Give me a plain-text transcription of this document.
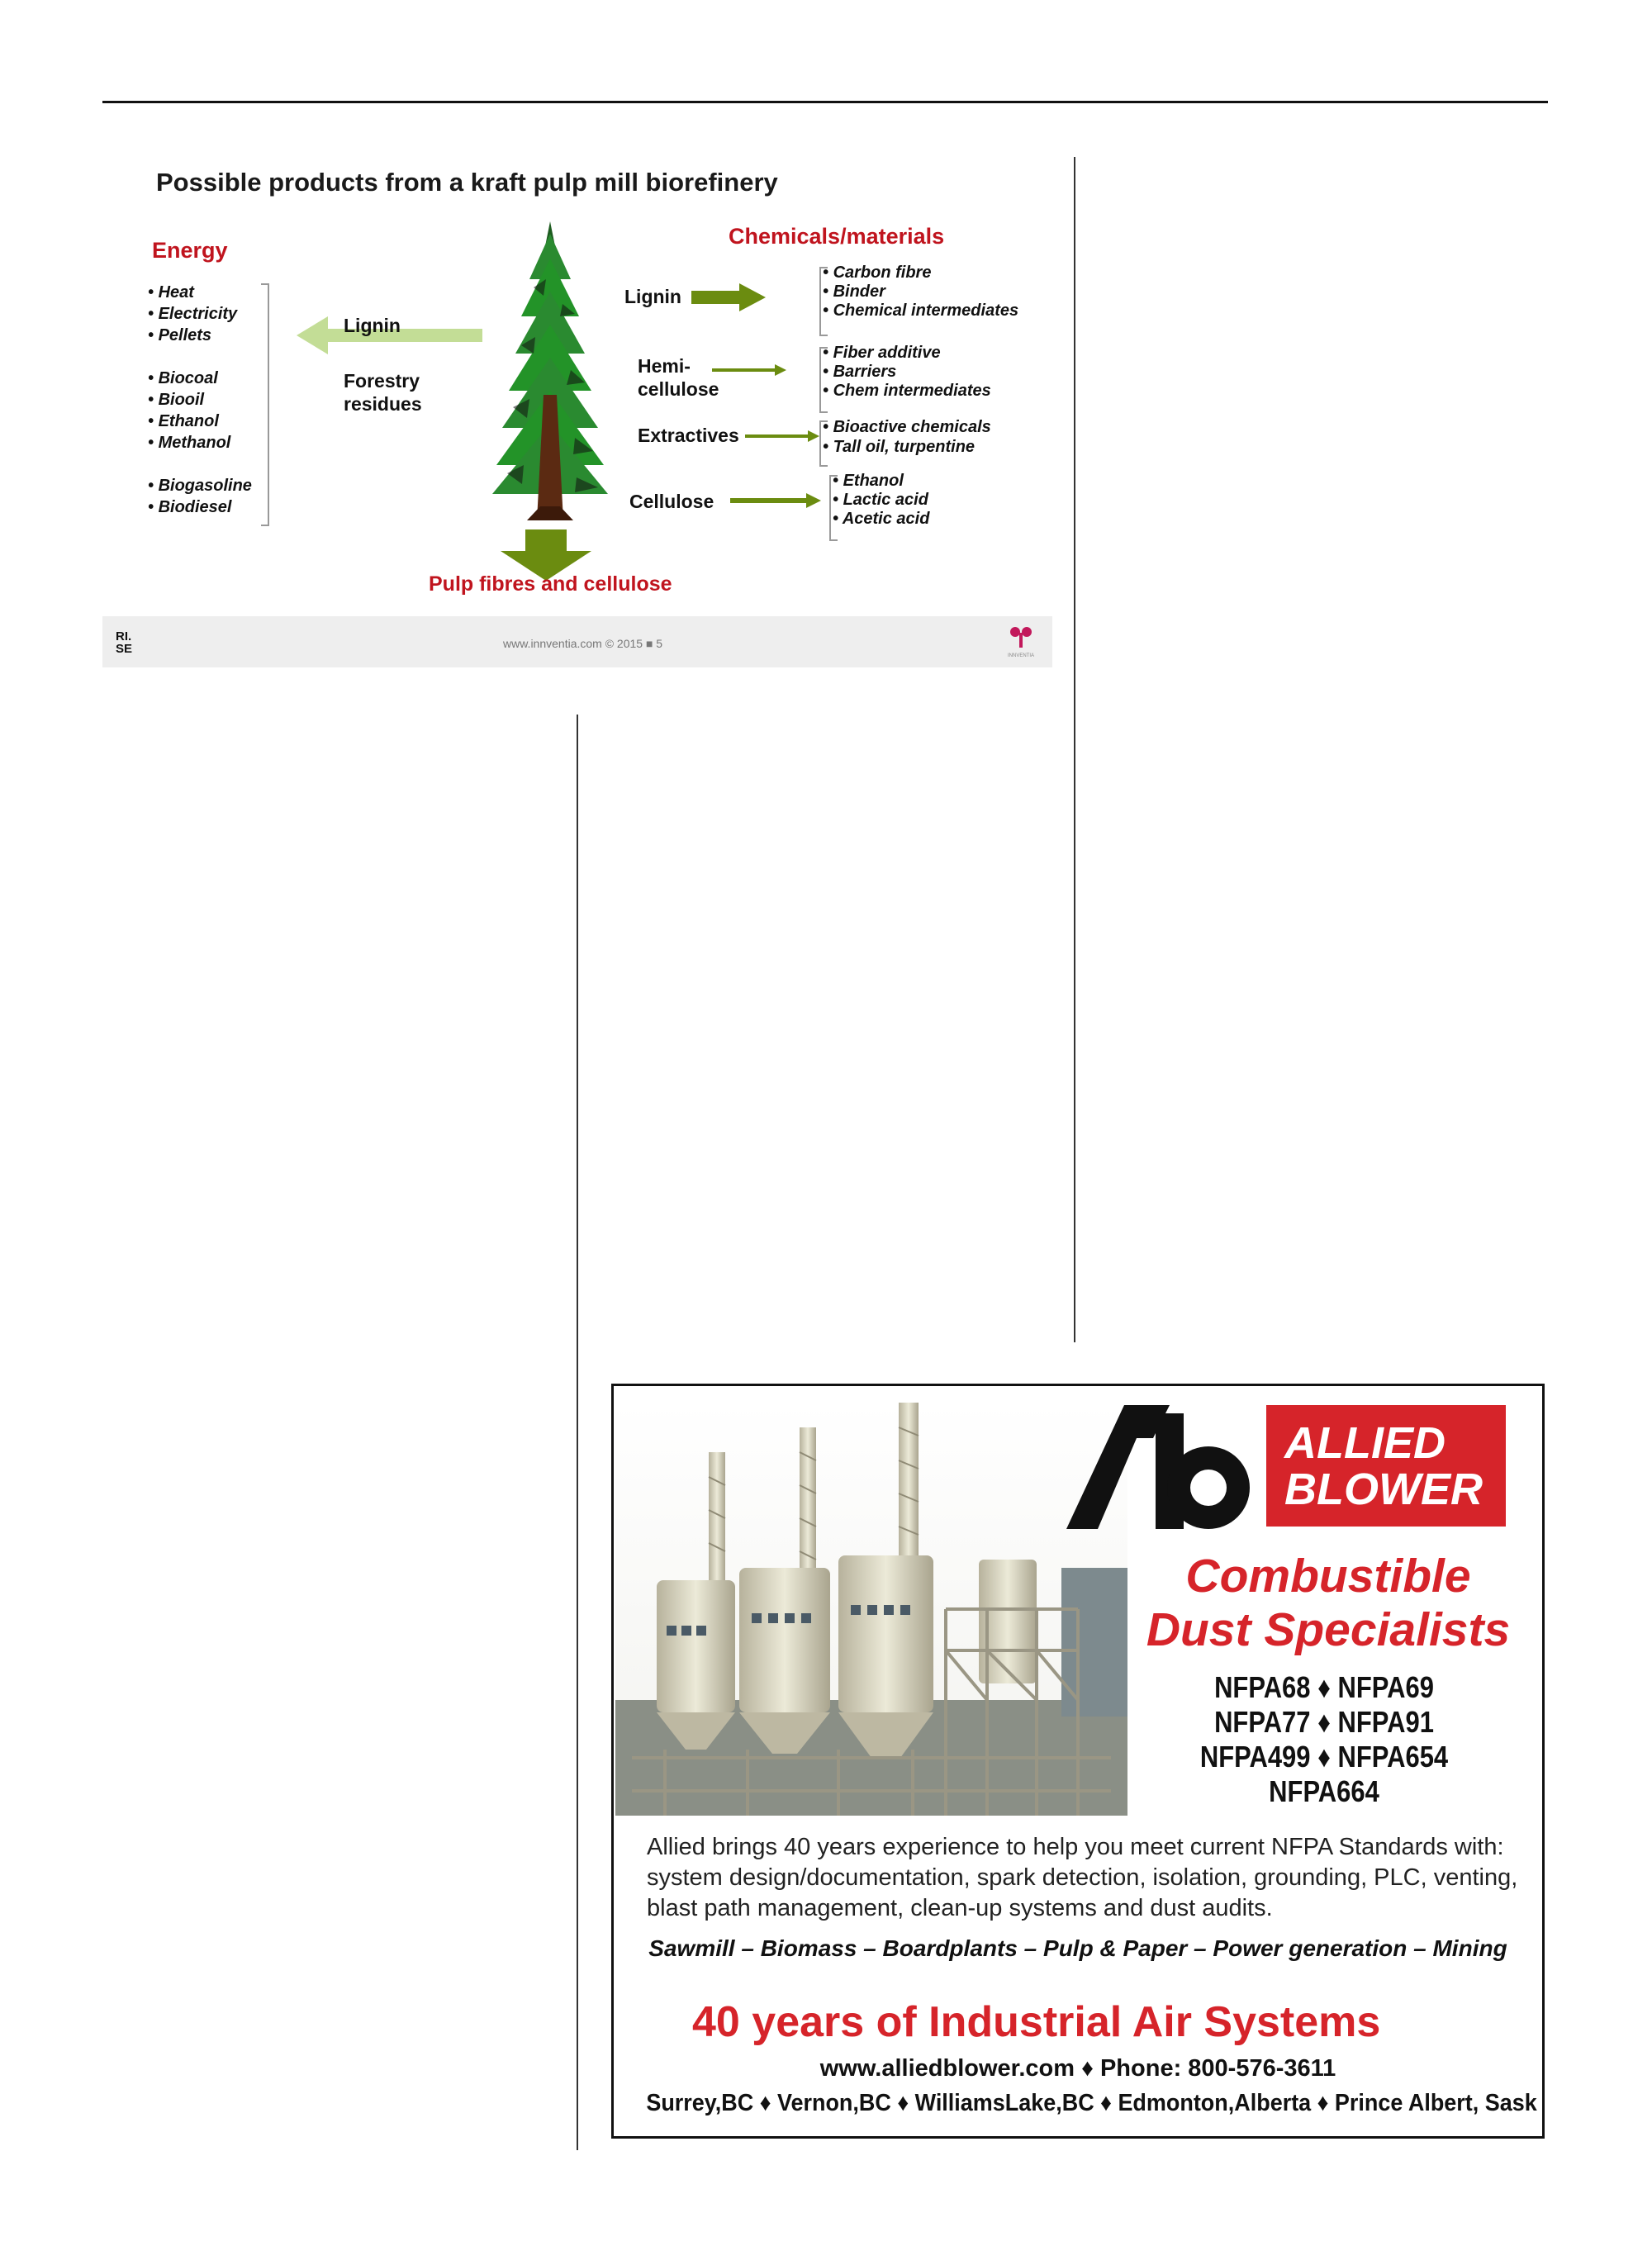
Possible products from a kraft pulp mill biorefinery
Energy
• Heat
• Electricity
• Pellets
• Biocoal
• Biooil
• Ethanol
• Methanol
• Biogasoline
• Biodiesel
Lignin
Forestry
residues
Pulp fibres and cellulose
Chemicals/materials
Lignin
• Carbon fibre
• Binder
• Chemical intermediates
Hemi-
cellulose
• Fiber additive
• Barriers
• Chem intermediates
Extractives	• Bioactive chemicals
• Tall oil, turpentine
Cellulose
• Ethanol
• Lactic acid
• Acetic acid
RI.
SE	www.innventia.com © 2015 ■ 5
INNVENTIA
ALLIED
BLOWER
Combustible
Dust Specialists
NFPA68 ♦ NFPA69
NFPA77 ♦ NFPA91
NFPA499 ♦ NFPA654
NFPA664
Allied brings 40 years experience to help you meet current NFPA Standards with:
system design/documentation, spark detection, isolation, grounding, PLC, venting,
blast path management, clean-up systems and dust audits.
Sawmill – Biomass – Boardplants – Pulp & Paper – Power generation – Mining
40 years of Industrial Air Systems
www.alliedblower.com ♦ Phone: 800-576-3611
Surrey,BC ♦ Vernon,BC ♦ WilliamsLake,BC ♦ Edmonton,Alberta ♦ Prince Albert, Sask
